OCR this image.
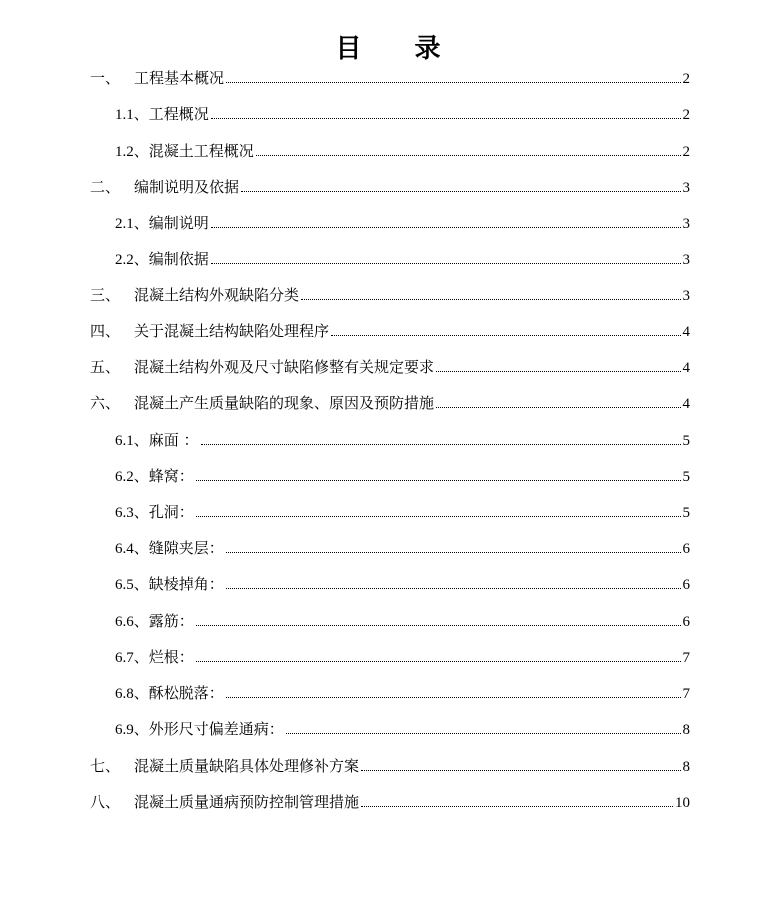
目 录
一、 工程基本概况	2
1.1、 工程概况	2
1.2、 混凝土工程概况	2
二、 编制说明及依据	3
2.1、 编制说明	3
2.2、 编制依据	3
三、 混凝土结构外观缺陷分类	3
四、 关于混凝土结构缺陷处理程序	4
五、 混凝土结构外观及尺寸缺陷修整有关规定要求	4
六、 混凝土产生质量缺陷的现象、原因及预防措施	4
6.1、 麻面 ：	5
6.2、 蜂窝：	5
6.3、 孔洞：	5
6.4、 缝隙夹层：	6
6.5、 缺棱掉角：	6
6.6、 露筋：	6
6.7、 烂根：	7
6.8、 酥松脱落：	7
6.9、 外形尺寸偏差通病：	8
七、 混凝土质量缺陷具体处理修补方案	8
八、 混凝土质量通病预防控制管理措施	10
